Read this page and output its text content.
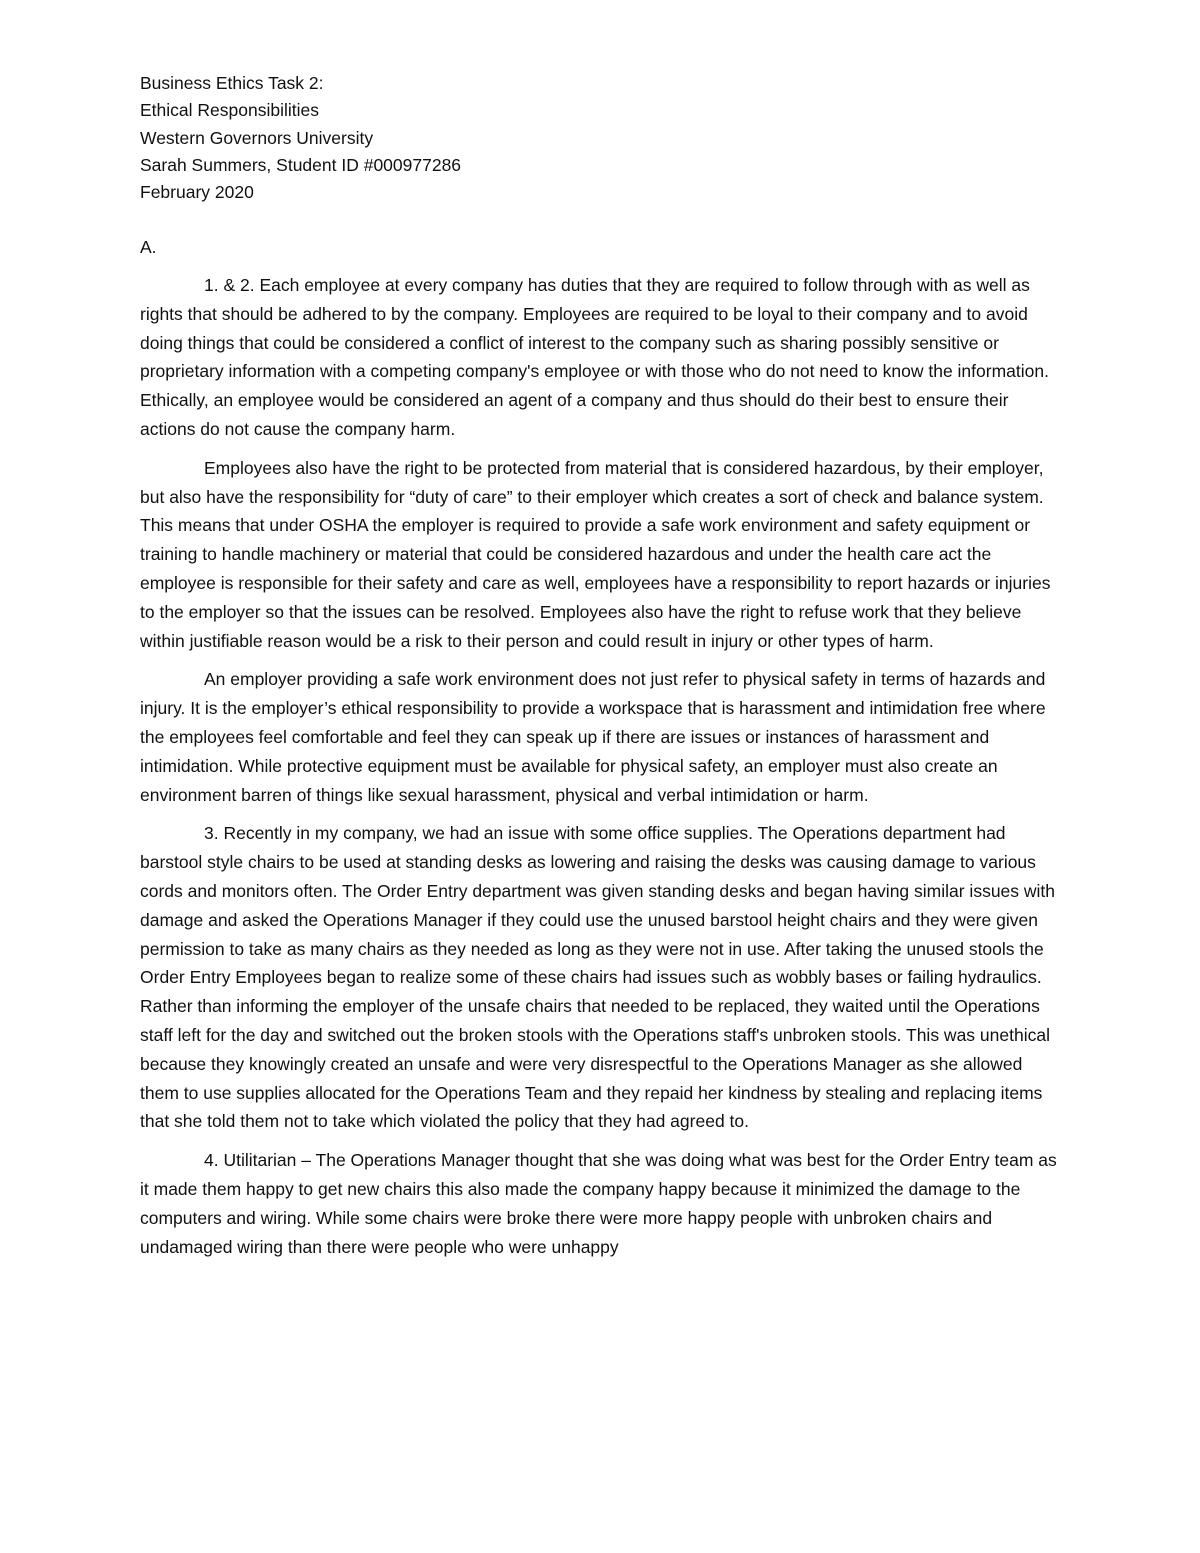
Business Ethics Task 2:

Ethical Responsibilities

Western Governors University

Sarah Summers, Student ID #000977286

February 2020

A.

1. & 2. Each employee at every company has duties that they are required to follow through with as well as rights that should be adhered to by the company. Employees are required to be loyal to their company and to avoid doing things that could be considered a conflict of interest to the company such as sharing possibly sensitive or proprietary information with a competing company's employee or with those who do not need to know the information. Ethically, an employee would be considered an agent of a company and thus should do their best to ensure their actions do not cause the company harm.

Employees also have the right to be protected from material that is considered hazardous, by their employer, but also have the responsibility for “duty of care” to their employer which creates a sort of check and balance system. This means that under OSHA the employer is required to provide a safe work environment and safety equipment or training to handle machinery or material that could be considered hazardous and under the health care act the employee is responsible for their safety and care as well, employees have a responsibility to report hazards or injuries to the employer so that the issues can be resolved. Employees also have the right to refuse work that they believe within justifiable reason would be a risk to their person and could result in injury or other types of harm.

An employer providing a safe work environment does not just refer to physical safety in terms of hazards and injury. It is the employer’s ethical responsibility to provide a workspace that is harassment and intimidation free where the employees feel comfortable and feel they can speak up if there are issues or instances of harassment and intimidation. While protective equipment must be available for physical safety, an employer must also create an environment barren of things like sexual harassment, physical and verbal intimidation or harm.

3. Recently in my company, we had an issue with some office supplies. The Operations department had barstool style chairs to be used at standing desks as lowering and raising the desks was causing damage to various cords and monitors often. The Order Entry department was given standing desks and began having similar issues with damage and asked the Operations Manager if they could use the unused barstool height chairs and they were given permission to take as many chairs as they needed as long as they were not in use. After taking the unused stools the Order Entry Employees began to realize some of these chairs had issues such as wobbly bases or failing hydraulics. Rather than informing the employer of the unsafe chairs that needed to be replaced, they waited until the Operations staff left for the day and switched out the broken stools with the Operations staff's unbroken stools. This was unethical because they knowingly created an unsafe and were very disrespectful to the Operations Manager as she allowed them to use supplies allocated for the Operations Team and they repaid her kindness by stealing and replacing items that she told them not to take which violated the policy that they had agreed to.

4. Utilitarian – The Operations Manager thought that she was doing what was best for the Order Entry team as it made them happy to get new chairs this also made the company happy because it minimized the damage to the computers and wiring. While some chairs were broke there were more happy people with unbroken chairs and undamaged wiring than there were people who were unhappy
